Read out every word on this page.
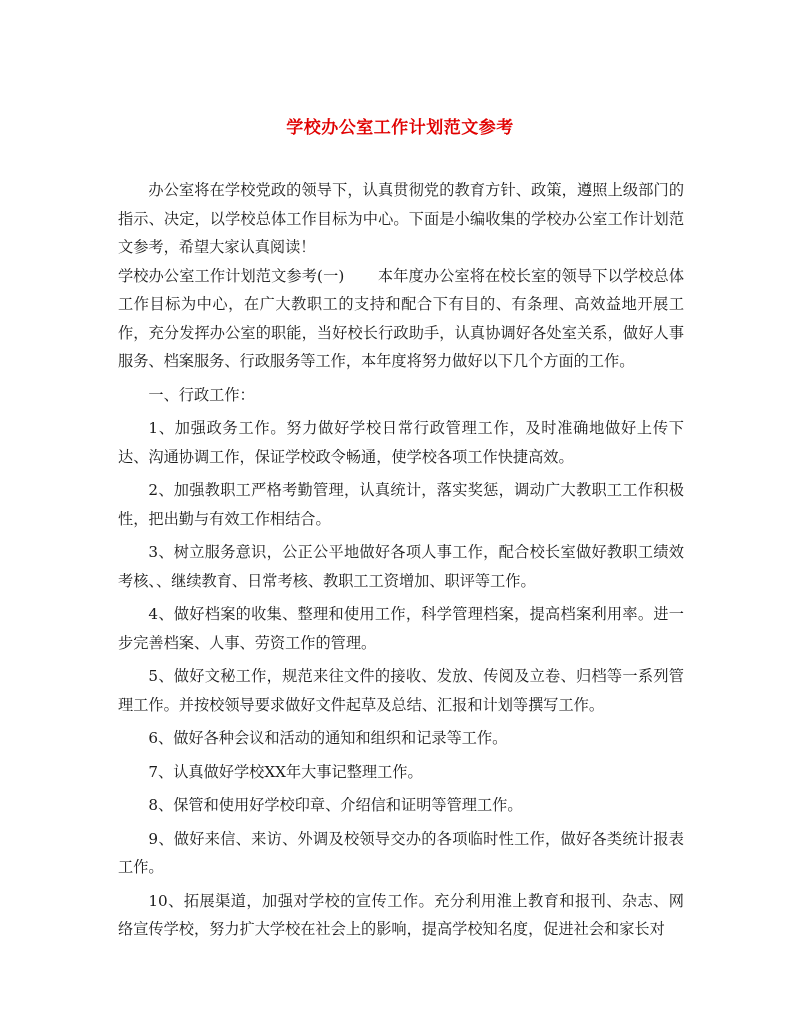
学校办公室工作计划范文参考

办公室将在学校党政的领导下，认真贯彻党的教育方针、政策，遵照上级部门的指示、决定，以学校总体工作目标为中心。下面是小编收集的学校办公室工作计划范文参考，希望大家认真阅读！

学校办公室工作计划范文参考(一) 本年度办公室将在校长室的领导下以学校总体工作目标为中心，在广大教职工的支持和配合下有目的、有条理、高效益地开展工作，充分发挥办公室的职能，当好校长行政助手，认真协调好各处室关系，做好人事服务、档案服务、行政服务等工作，本年度将努力做好以下几个方面的工作。

一、行政工作：

1、加强政务工作。努力做好学校日常行政管理工作，及时准确地做好上传下达、沟通协调工作，保证学校政令畅通，使学校各项工作快捷高效。

2、加强教职工严格考勤管理，认真统计，落实奖惩，调动广大教职工工作积极性，把出勤与有效工作相结合。

3、树立服务意识，公正公平地做好各项人事工作，配合校长室做好教职工绩效考核、、继续教育、日常考核、教职工工资增加、职评等工作。

4、做好档案的收集、整理和使用工作，科学管理档案，提高档案利用率。进一步完善档案、人事、劳资工作的管理。

5、做好文秘工作，规范来往文件的接收、发放、传阅及立卷、归档等一系列管理工作。并按校领导要求做好文件起草及总结、汇报和计划等撰写工作。

6、做好各种会议和活动的通知和组织和记录等工作。

7、认真做好学校XX年大事记整理工作。

8、保管和使用好学校印章、介绍信和证明等管理工作。

9、做好来信、来访、外调及校领导交办的各项临时性工作，做好各类统计报表工作。

10、拓展渠道，加强对学校的宣传工作。充分利用淮上教育和报刊、杂志、网络宣传学校，努力扩大学校在社会上的影响，提高学校知名度，促进社会和家长对
